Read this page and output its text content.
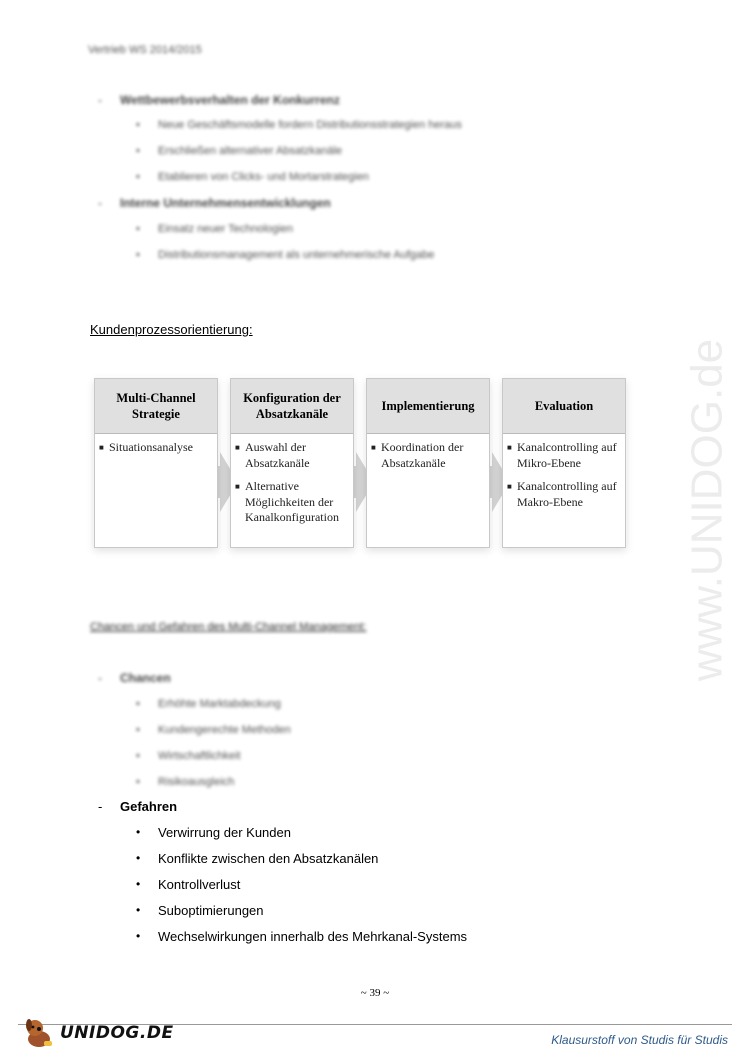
Vertrieb WS 2014/2015
- Wettbewerbsverhalten der Konkurrenz
• Neue Geschäftsmodelle fordern Distributionsstrategien heraus
• Erschließen alternativer Absatzkanäle
• Etablieren von Clicks- und Mortarstrategien
- Interne Unternehmensentwicklungen
• Einsatz neuer Technologien
• Distributionsmanagement als unternehmerische Aufgabe
Kundenprozessorientierung:
Multi-Channel Strategie
■ Situationsanalyse
Konfiguration der Absatzkanäle
■ Auswahl der Absatzkanäle
■ Alternative Möglichkeiten der Kanalkonfiguration
Implementierung
■ Koordination der Absatzkanäle
Evaluation
■ Kanalcontrolling auf Mikro-Ebene
■ Kanalcontrolling auf Makro-Ebene
Chancen und Gefahren des Multi-Channel Management:
- Chancen
• Erhöhte Marktabdeckung
• Kundengerechte Methoden
• Wirtschaftlichkeit
• Risikoausgleich
- Gefahren
• Verwirrung der Kunden
• Konflikte zwischen den Absatzkanälen
• Kontrollverlust
• Suboptimierungen
• Wechselwirkungen innerhalb des Mehrkanal-Systems
www.UNIDOG.de
~ 39 ~
UNIDOG.DE	Klausurstoff von Studis für Studis
